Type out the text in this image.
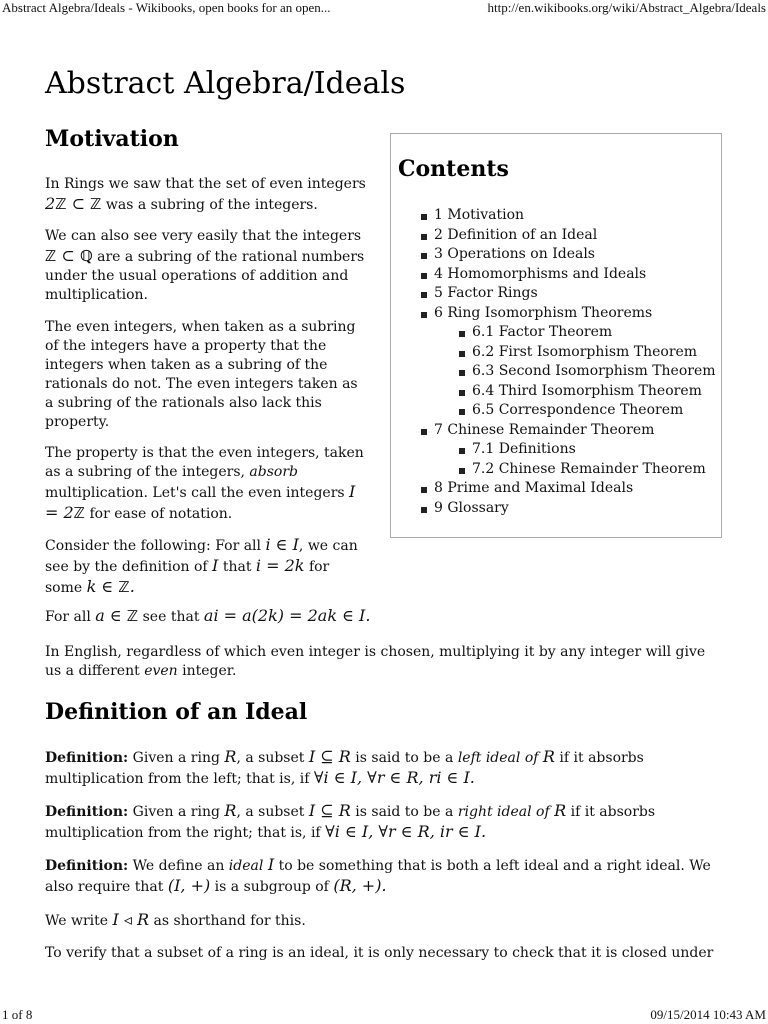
Abstract Algebra/Ideals - Wikibooks, open books for an open...	http://en.wikibooks.org/wiki/Abstract_Algebra/Ideals
Abstract Algebra/Ideals
Motivation

In Rings we saw that the set of even integers 2ℤ ⊂ ℤ was a subring of the integers.

We can also see very easily that the integers ℤ ⊂ ℚ are a subring of the rational numbers under the usual operations of addition and multiplication.

The even integers, when taken as a subring of the integers have a property that the integers when taken as a subring of the rationals do not. The even integers taken as a subring of the rationals also lack this property.

The property is that the even integers, taken as a subring of the integers, absorb multiplication. Let's call the even integers I = 2ℤ for ease of notation.

Consider the following: For all i ∈ I, we can see by the definition of I that i = 2k for some k ∈ ℤ.

For all a ∈ ℤ see that ai = a(2k) = 2ak ∈ I.

In English, regardless of which even integer is chosen, multiplying it by any integer will give us a different even integer.

Contents
1 Motivation
2 Definition of an Ideal
3 Operations on Ideals
4 Homomorphisms and Ideals
5 Factor Rings
6 Ring Isomorphism Theorems
6.1 Factor Theorem
6.2 First Isomorphism Theorem
6.3 Second Isomorphism Theorem
6.4 Third Isomorphism Theorem
6.5 Correspondence Theorem
7 Chinese Remainder Theorem
7.1 Definitions
7.2 Chinese Remainder Theorem
8 Prime and Maximal Ideals
9 Glossary
Definition of an Ideal

Definition: Given a ring R, a subset I ⊆ R is said to be a left ideal of R if it absorbs multiplication from the left; that is, if ∀i ∈ I, ∀r ∈ R, ri ∈ I.

Definition: Given a ring R, a subset I ⊆ R is said to be a right ideal of R if it absorbs multiplication from the right; that is, if ∀i ∈ I, ∀r ∈ R, ir ∈ I.

Definition: We define an ideal I to be something that is both a left ideal and a right ideal. We also require that (I, +) is a subgroup of (R, +).

We write I ◃ R as shorthand for this.

To verify that a subset of a ring is an ideal, it is only necessary to check that it is closed under

1 of 8	09/15/2014 10:43 AM
